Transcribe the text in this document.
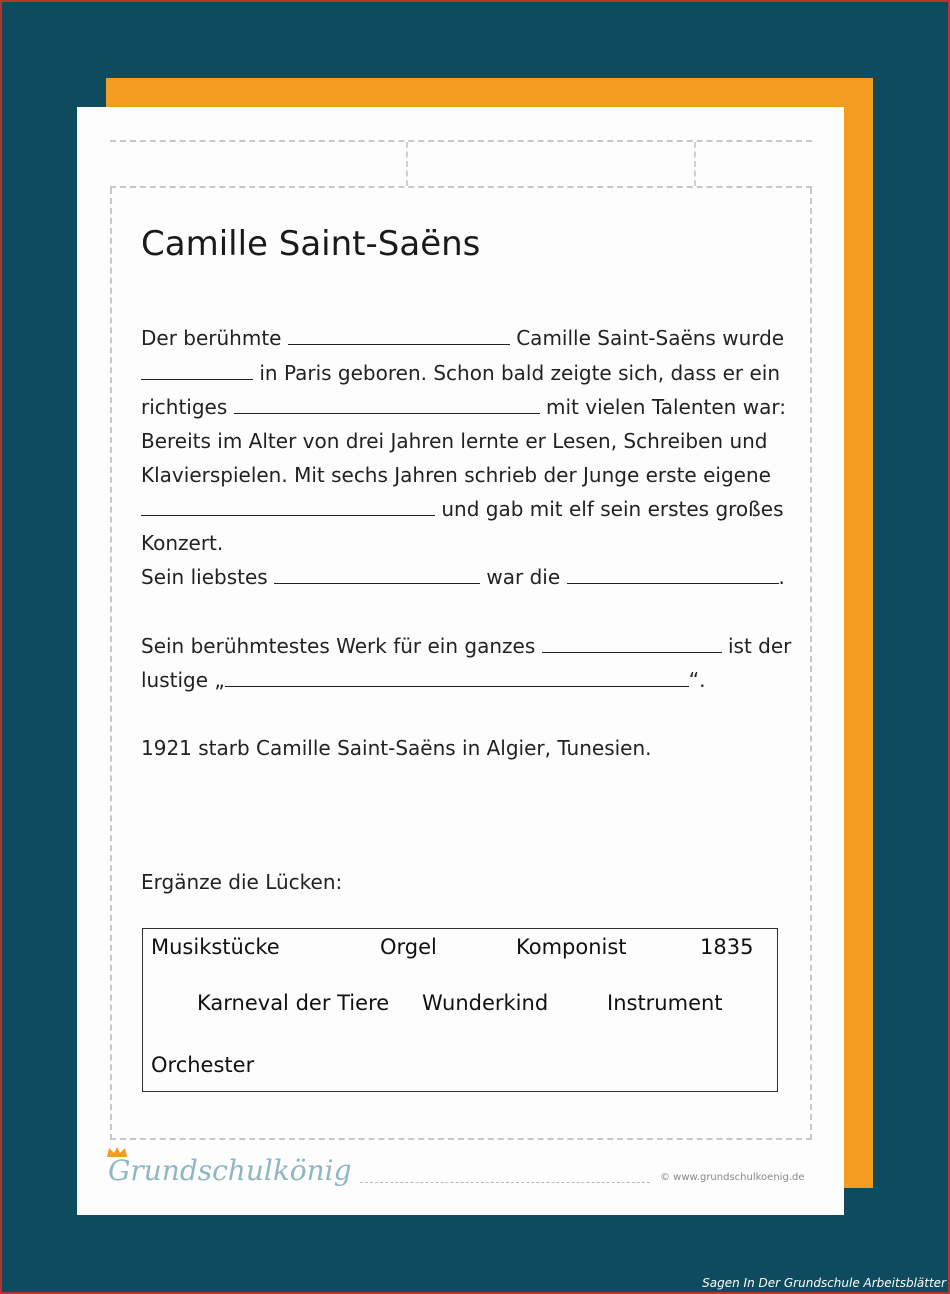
Camille Saint-Saëns
Der berühmte	Camille Saint-Saëns wurde
in Paris geboren. Schon bald zeigte sich, dass er ein
richtiges	mit vielen Talenten war:
Bereits im Alter von drei Jahren lernte er Lesen, Schreiben und
Klavierspielen. Mit sechs Jahren schrieb der Junge erste eigene
und gab mit elf sein erstes großes
Konzert.
Sein liebstes	war die	.
Sein berühmtestes Werk für ein ganzes	ist der
lustige „	“.
1921 starb Camille Saint-Saëns in Algier, Tunesien.
Ergänze die Lücken:
Musikstücke	Orgel	Komponist	1835
Karneval der Tiere Wunderkind	Instrument
Orchester
Grundschulkönig	© www.grundschulkoenig.de
Sagen In Der Grundschule Arbeitsblätter
